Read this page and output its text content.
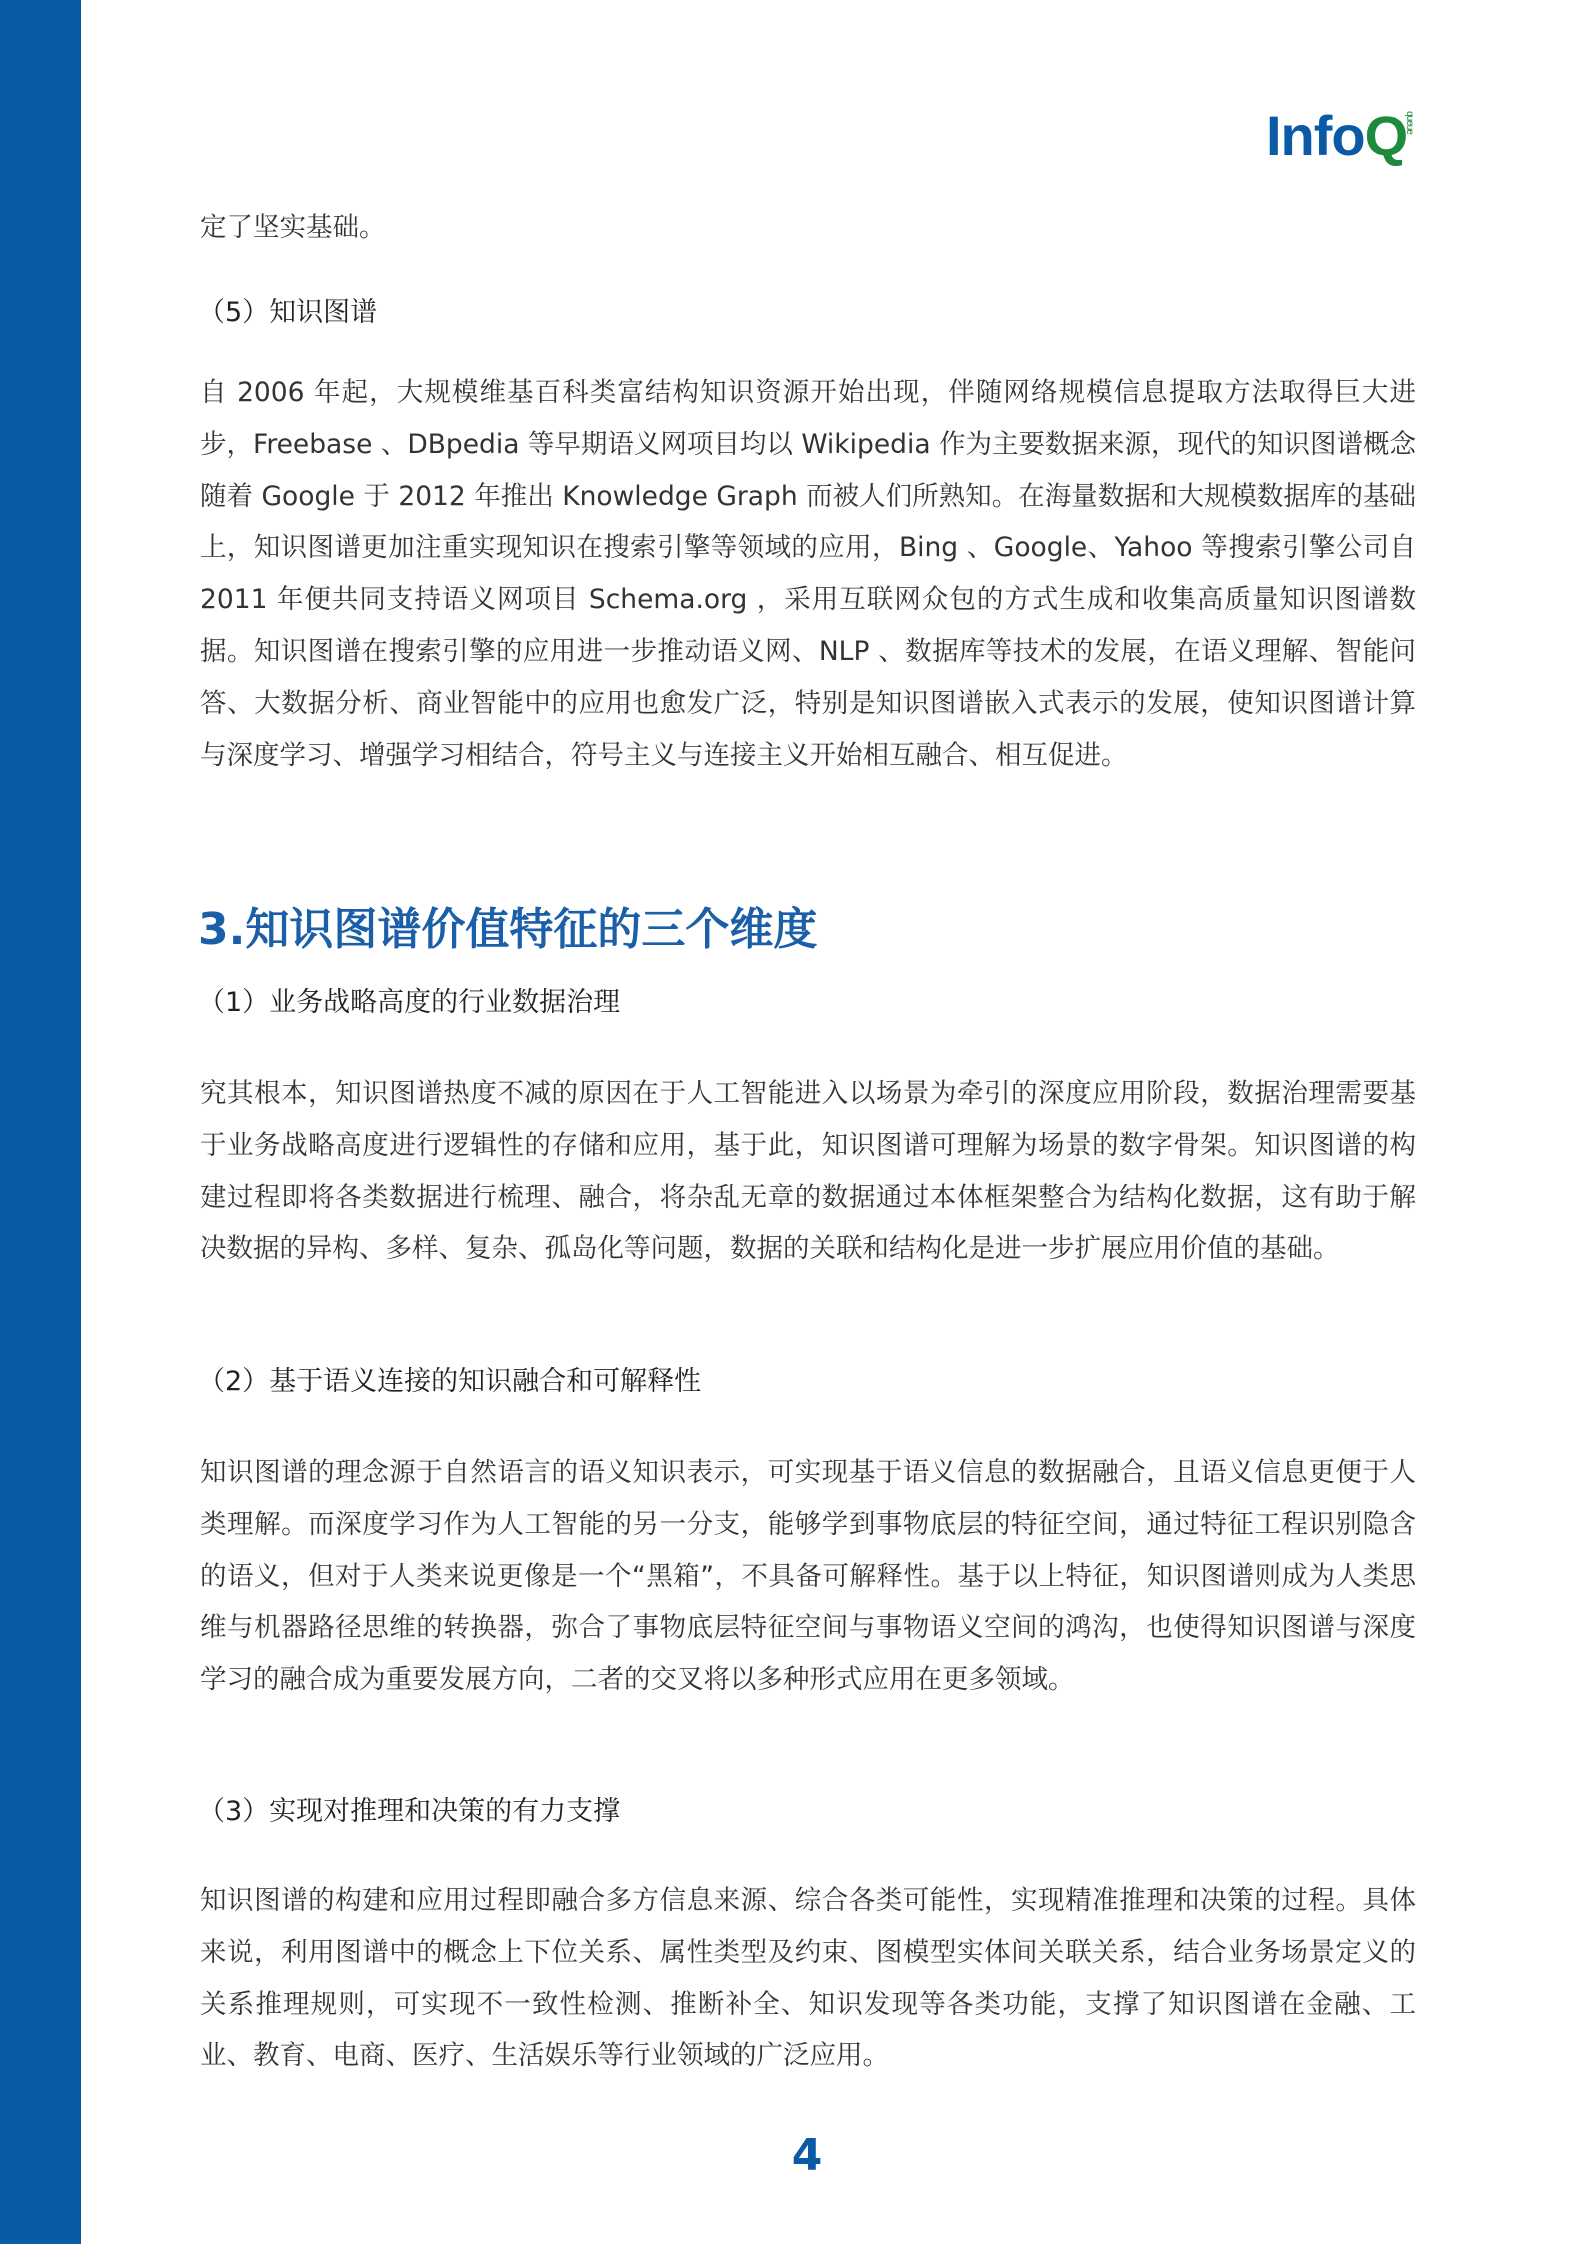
InfoQ
queue
定了坚实基础。
（5）知识图谱
自 2006 年起，大规模维基百科类富结构知识资源开始出现，伴随网络规模信息提取方法取得巨大进步，Freebase 、DBpedia 等早期语义网项目均以 Wikipedia 作为主要数据来源，现代的知识图谱概念随着 Google 于 2012 年推出 Knowledge Graph 而被人们所熟知。在海量数据和大规模数据库的基础上，知识图谱更加注重实现知识在搜索引擎等领域的应用，Bing 、Google、Yahoo 等搜索引擎公司自 2011 年便共同支持语义网项目 Schema.org ，采用互联网众包的方式生成和收集高质量知识图谱数据。知识图谱在搜索引擎的应用进一步推动语义网、NLP 、数据库等技术的发展，在语义理解、智能问答、大数据分析、商业智能中的应用也愈发广泛，特别是知识图谱嵌入式表示的发展，使知识图谱计算与深度学习、增强学习相结合，符号主义与连接主义开始相互融合、相互促进。
3.知识图谱价值特征的三个维度
（1）业务战略高度的行业数据治理
究其根本，知识图谱热度不减的原因在于人工智能进入以场景为牵引的深度应用阶段，数据治理需要基于业务战略高度进行逻辑性的存储和应用，基于此，知识图谱可理解为场景的数字骨架。知识图谱的构建过程即将各类数据进行梳理、融合，将杂乱无章的数据通过本体框架整合为结构化数据，这有助于解决数据的异构、多样、复杂、孤岛化等问题，数据的关联和结构化是进一步扩展应用价值的基础。
（2）基于语义连接的知识融合和可解释性
知识图谱的理念源于自然语言的语义知识表示，可实现基于语义信息的数据融合，且语义信息更便于人类理解。而深度学习作为人工智能的另一分支，能够学到事物底层的特征空间，通过特征工程识别隐含的语义，但对于人类来说更像是一个“黑箱”，不具备可解释性。基于以上特征，知识图谱则成为人类思维与机器路径思维的转换器，弥合了事物底层特征空间与事物语义空间的鸿沟，也使得知识图谱与深度学习的融合成为重要发展方向，二者的交叉将以多种形式应用在更多领域。
（3）实现对推理和决策的有力支撑
知识图谱的构建和应用过程即融合多方信息来源、综合各类可能性，实现精准推理和决策的过程。具体来说，利用图谱中的概念上下位关系、属性类型及约束、图模型实体间关联关系，结合业务场景定义的关系推理规则，可实现不一致性检测、推断补全、知识发现等各类功能，支撑了知识图谱在金融、工业、教育、电商、医疗、生活娱乐等行业领域的广泛应用。
4
